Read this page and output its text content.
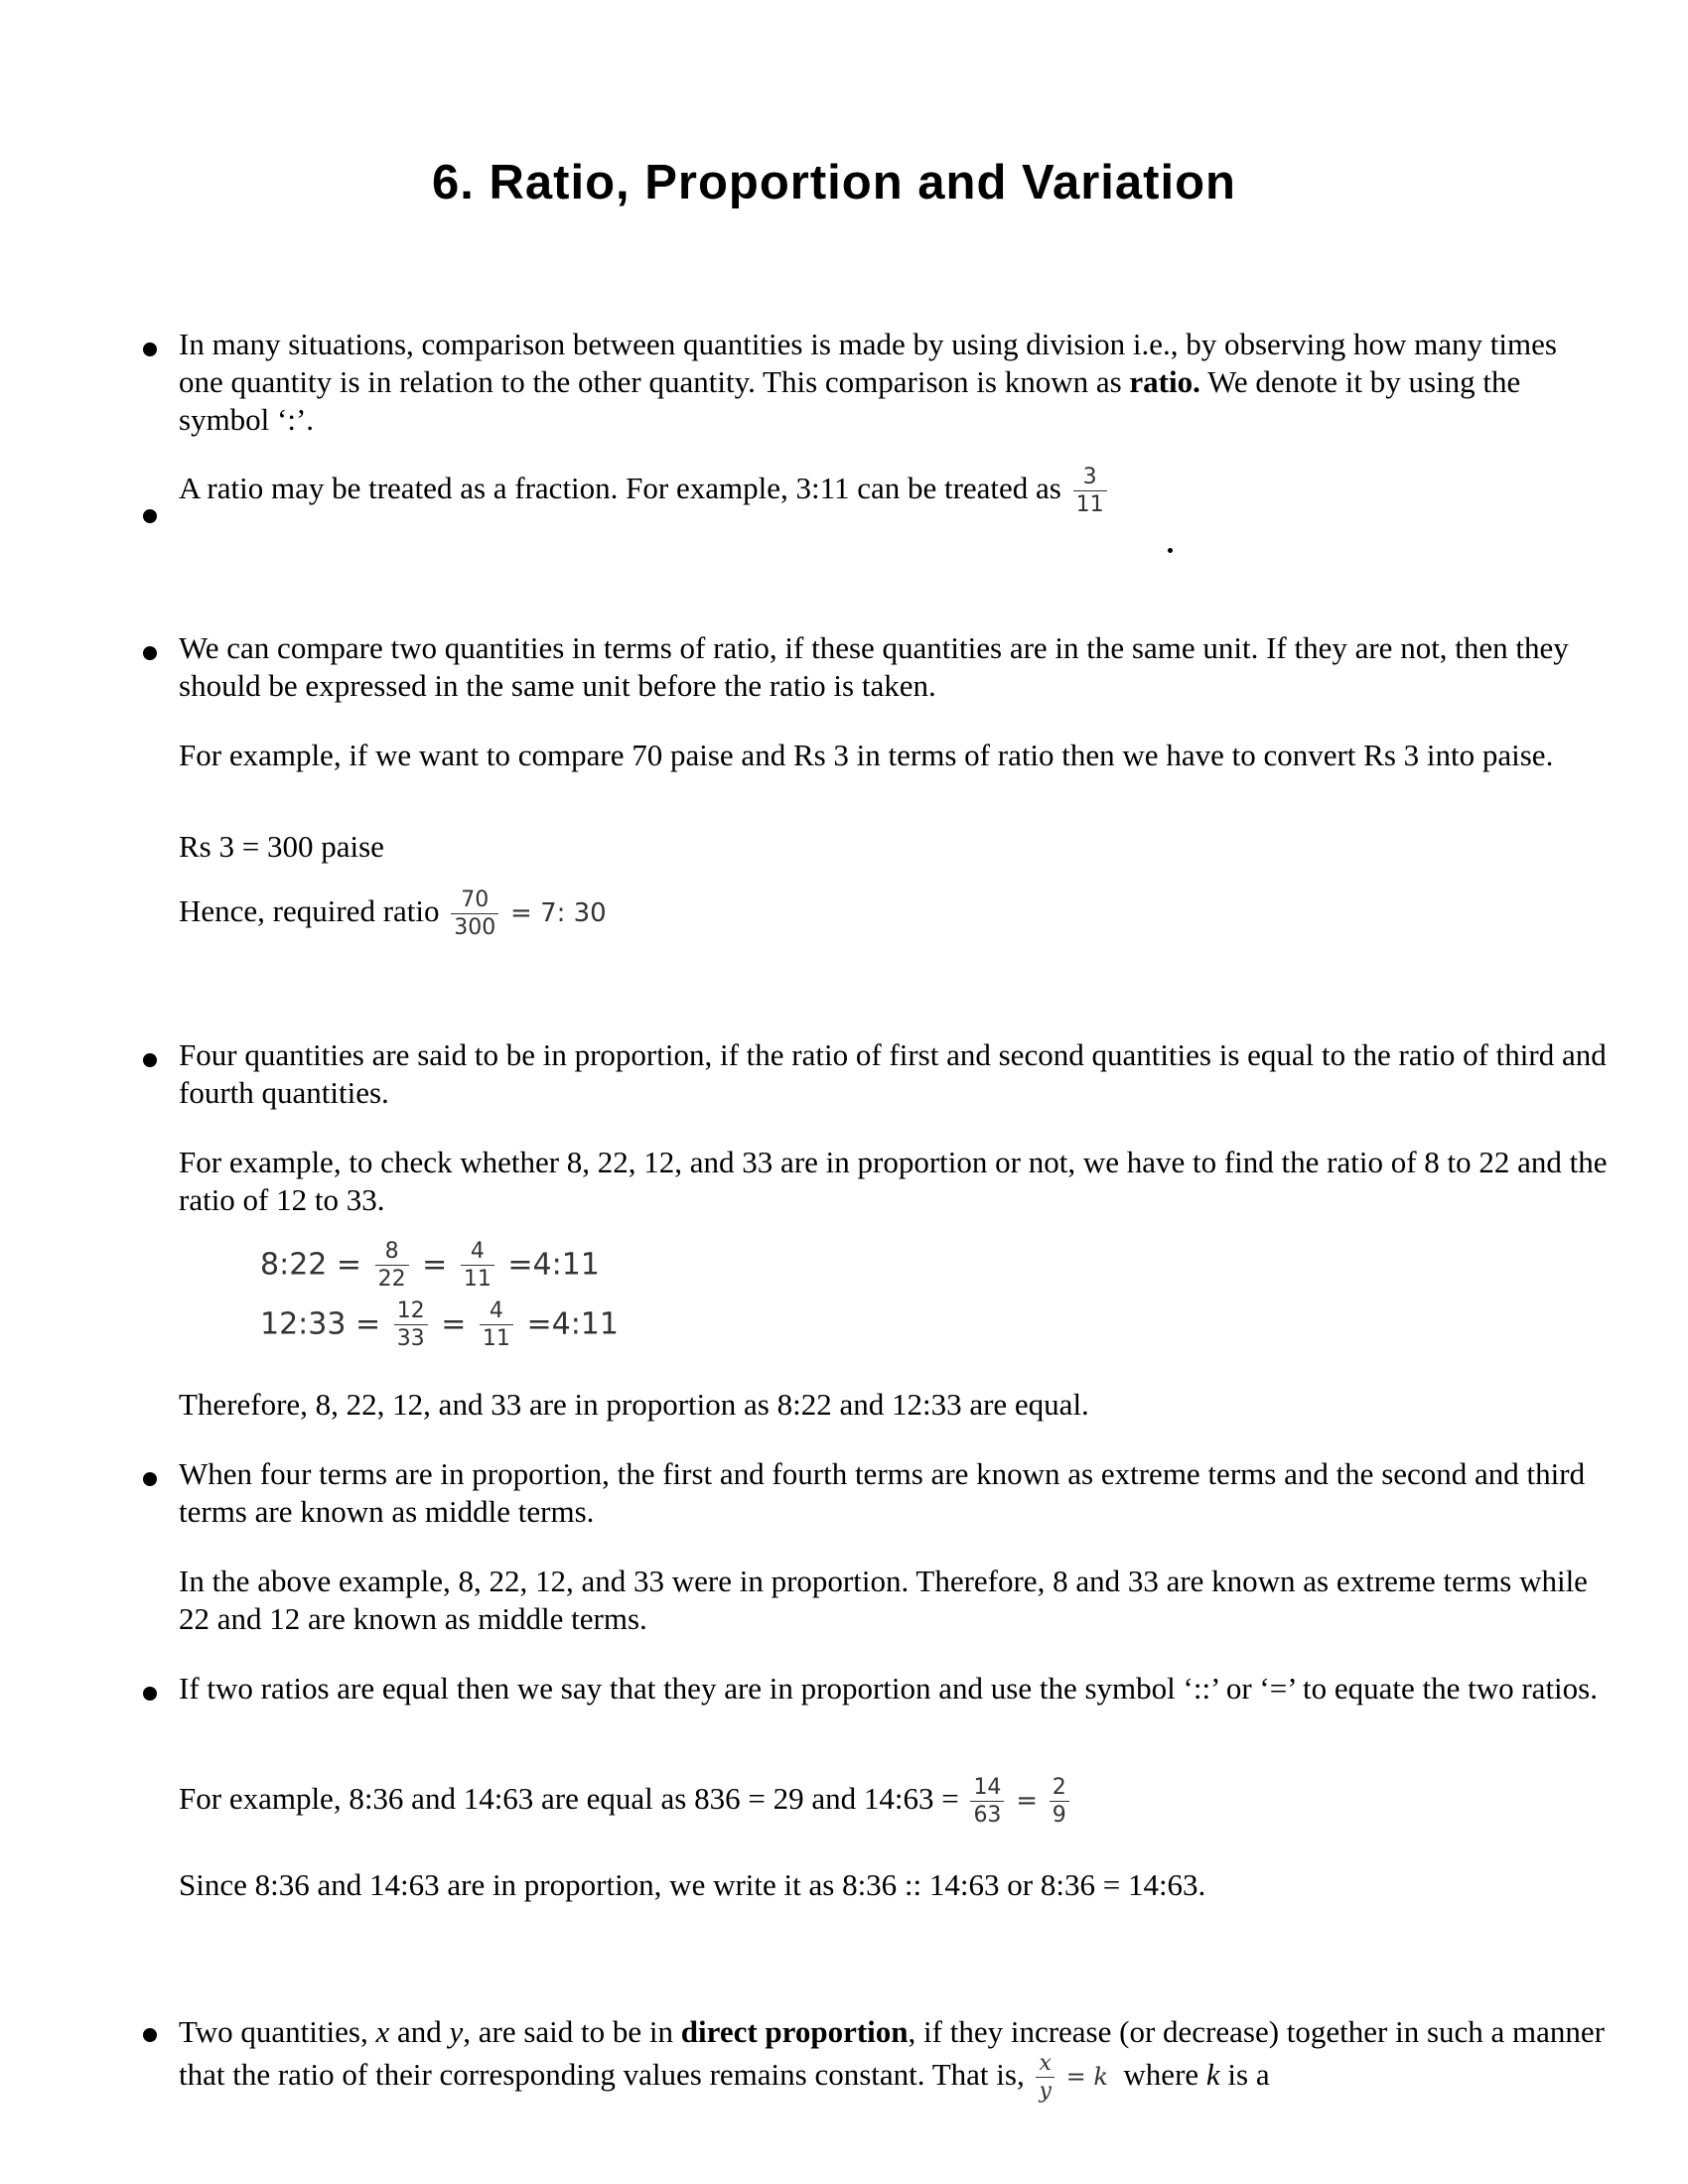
6. Ratio, Proportion and Variation

In many situations, comparison between quantities is made by using division i.e., by observing how many times one quantity is in relation to the other quantity. This comparison is known as ratio. We denote it by using the symbol ‘:’.

A ratio may be treated as a fraction. For example, 3:11 can be treated as $\frac{3}{11}$

We can compare two quantities in terms of ratio, if these quantities are in the same unit. If they are not, then they should be expressed in the same unit before the ratio is taken.

For example, if we want to compare 70 paise and Rs 3 in terms of ratio then we have to convert Rs 3 into paise.

Rs 3 = 300 paise

Hence, required ratio $\frac{70}{300} = 7$: 30

Four quantities are said to be in proportion, if the ratio of first and second quantities is equal to the ratio of third and fourth quantities.

For example, to check whether 8, 22, 12, and 33 are in proportion or not, we have to find the ratio of 8 to 22 and the ratio of 12 to 33.

8:22 = $\frac{8}{22} = \frac{4}{11}$ =4:11
12:33 = $\frac{12}{33} = \frac{4}{11}$ =4:11

Therefore, 8, 22, 12, and 33 are in proportion as 8:22 and 12:33 are equal.

When four terms are in proportion, the first and fourth terms are known as extreme terms and the second and third terms are known as middle terms.

In the above example, 8, 22, 12, and 33 were in proportion. Therefore, 8 and 33 are known as extreme terms while 22 and 12 are known as middle terms.

If two ratios are equal then we say that they are in proportion and use the symbol ‘::’ or ‘=’ to equate the two ratios.

For example, 8:36 and 14:63 are equal as 836 = 29 and 14:63 = $\frac{14}{63} = \frac{2}{9}$

Since 8:36 and 14:63 are in proportion, we write it as 8:36 :: 14:63 or 8:36 = 14:63.

Two quantities, x and y, are said to be in direct proportion, if they increase (or decrease) together in such a manner that the ratio of their corresponding values remains constant. That is, $\frac{x}{y} = k$ where k is a
